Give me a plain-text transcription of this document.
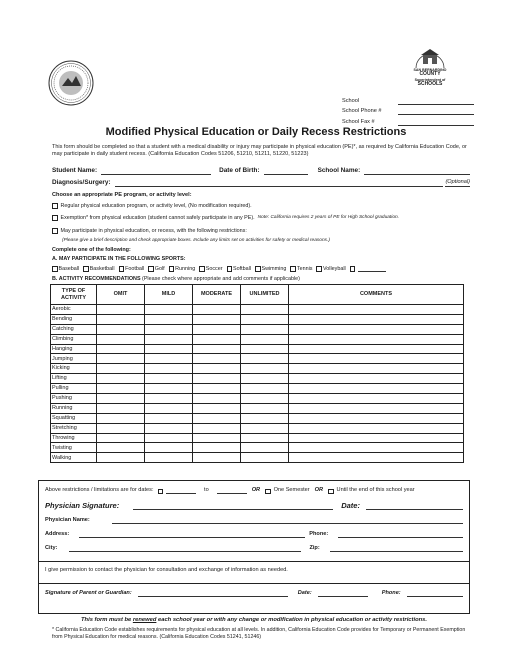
SAN BERNARDINO
COUNTY
Superintendent of
SCHOOLS
School
School Phone #
School Fax #
Modified Physical Education or Daily Recess Restrictions
This form should be completed so that a student with a medical disability or injury may participate in physical education (PE)*, as required by California Education Code, or may participate in daily student recess. (California Education Codes 51206, 51210, 51211, 51220, 51223)
Student Name:	Date of Birth:	School Name:
Diagnosis/Surgery:	(Optional)
Choose an appropriate PE program, or activity level:
Regular physical education program, or activity level, (No modification required).
Exemption* from physical education (student cannot safely participate in any PE). Note: California requires 2 years of PE for High School graduation.
May participate in physical education, or recess, with the following restrictions:
(Please give a brief description and check appropriate boxes. Include any limits set on activities for safety or medical reasons.)
Complete one of the following:
A. MAY PARTICIPATE IN THE FOLLOWING SPORTS:
Baseball Basketball Football Golf Running Soccer Softball Swimming Tennis Volleyball
B. ACTIVITY RECOMMENDATIONS (Please check where appropriate and add comments if applicable)
TYPE OF ACTIVITY	OMIT	MILD	MODERATE	UNLIMITED	COMMENTS
Aerobic					
Bending					
Catching					
Climbing					
Hanging					
Jumping					
Kicking					
Lifting					
Pulling					
Pushing					
Running					
Squatting					
Stretching					
Throwing					
Twisting					
Walking					
Above restrictions / limitations are for dates:	to	OR One Semester OR Until the end of this school year
Physician Signature:	Date:
Physician Name:
Address:	Phone:
City:	Zip:
I give permission to contact the physician for consultation and exchange of information as needed.
Signature of Parent or Guardian:	Date:	Phone:
This form must be renewed each school year or with any change or modification in physical education or activity restrictions.
* California Education Code establishes requirements for physical education at all levels. In addition, California Education Code provides for Temporary or Permanent Exemption from Physical Education for medical reasons. (California Education Codes 51241, 51246)
